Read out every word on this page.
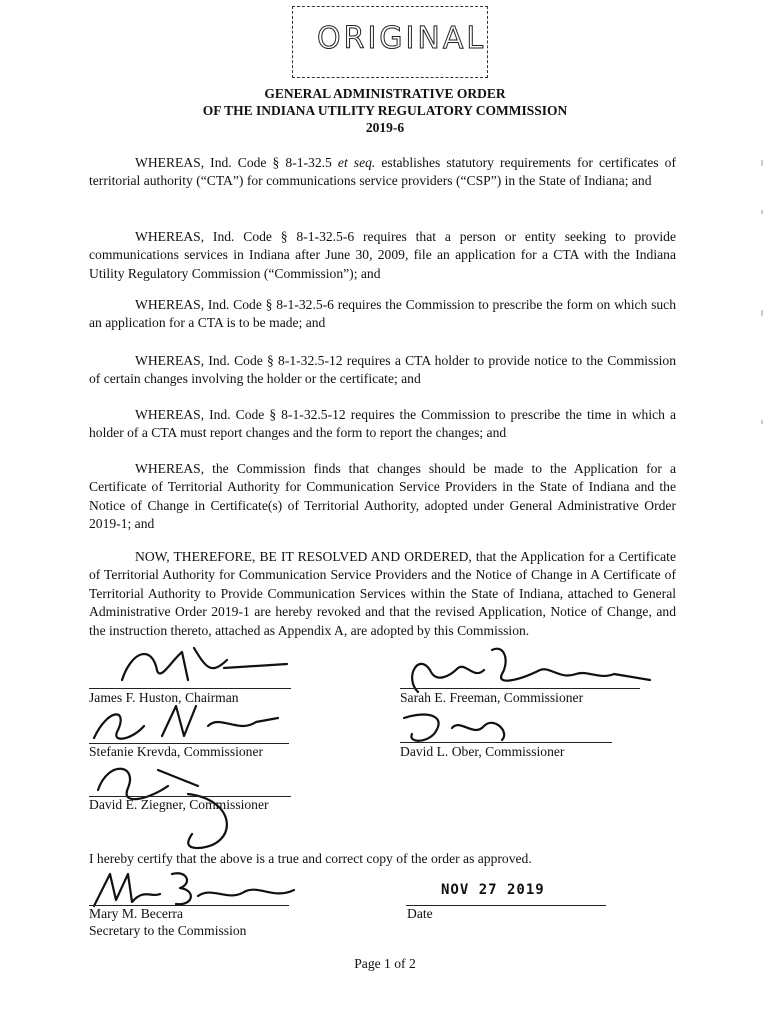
ORIGINAL
GENERAL ADMINISTRATIVE ORDER
OF THE INDIANA UTILITY REGULATORY COMMISSION
2019-6

WHEREAS, Ind. Code § 8-1-32.5 et seq. establishes statutory requirements for certificates of territorial authority (“CTA”) for communications service providers (“CSP”) in the State of Indiana; and

WHEREAS, Ind. Code § 8-1-32.5-6 requires that a person or entity seeking to provide communications services in Indiana after June 30, 2009, file an application for a CTA with the Indiana Utility Regulatory Commission (“Commission”); and

WHEREAS, Ind. Code § 8-1-32.5-6 requires the Commission to prescribe the form on which such an application for a CTA is to be made; and

WHEREAS, Ind. Code § 8-1-32.5-12 requires a CTA holder to provide notice to the Commission of certain changes involving the holder or the certificate; and

WHEREAS, Ind. Code § 8-1-32.5-12 requires the Commission to prescribe the time in which a holder of a CTA must report changes and the form to report the changes; and

WHEREAS, the Commission finds that changes should be made to the Application for a Certificate of Territorial Authority for Communication Service Providers in the State of Indiana and the Notice of Change in Certificate(s) of Territorial Authority, adopted under General Administrative Order 2019-1; and

NOW, THEREFORE, BE IT RESOLVED AND ORDERED, that the Application for a Certificate of Territorial Authority for Communication Service Providers and the Notice of Change in A Certificate of Territorial Authority to Provide Communication Services within the State of Indiana, attached to General Administrative Order 2019-1 are hereby revoked and that the revised Application, Notice of Change, and the instruction thereto, attached as Appendix A, are adopted by this Commission.

James F. Huston, Chairman	Sarah E. Freeman, Commissioner
Stefanie Krevda, Commissioner	David L. Ober, Commissioner
David E. Ziegner, Commissioner
I hereby certify that the above is a true and correct copy of the order as approved.
Mary M. Becerra
Secretary to the Commission
NOV 27 2019
Date
Page 1 of 2
